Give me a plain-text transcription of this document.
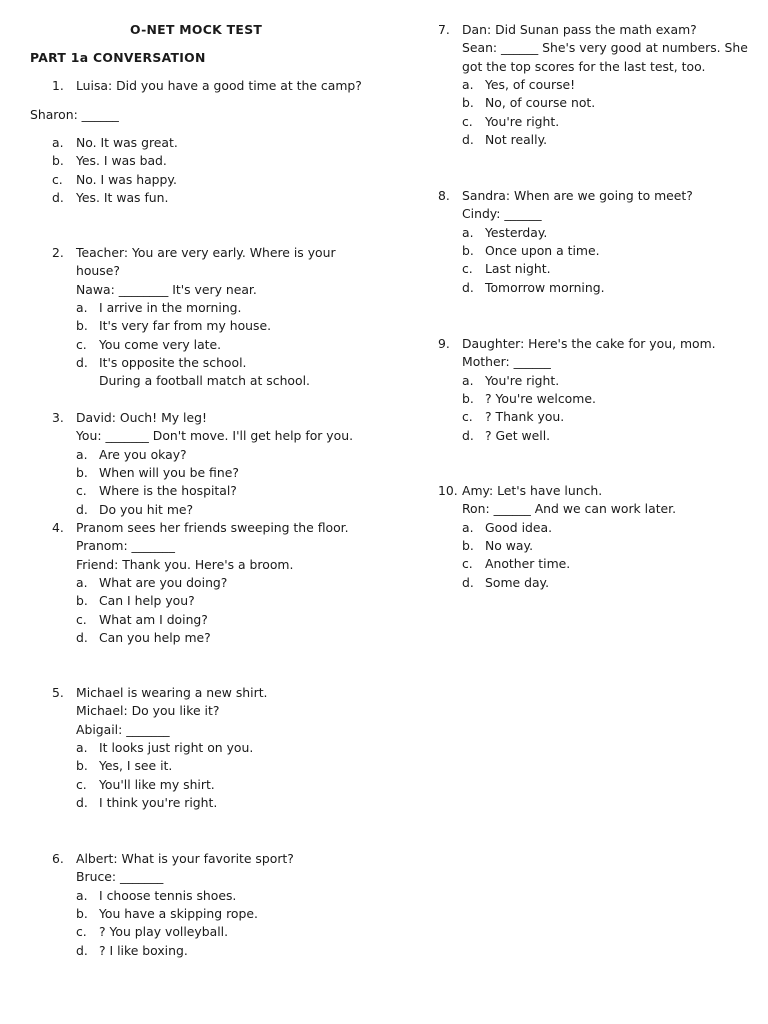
O-NET MOCK TEST
PART 1a CONVERSATION
1. Luisa: Did you have a good time at the camp?
Sharon: ______
a. No. It was great.
b. Yes. I was bad.
c. No. I was happy.
d. Yes. It was fun.
2. Teacher: You are very early. Where is your
house?
Nawa: ________ It's very near.
a. I arrive in the morning.
b. It's very far from my house.
c. You come very late.
d. It's opposite the school.
During a football match at school.
3. David: Ouch! My leg!
You: _______ Don't move. I'll get help for you.
a. Are you okay?
b. When will you be fine?
c. Where is the hospital?
d. Do you hit me?
4. Pranom sees her friends sweeping the floor.
Pranom: _______
Friend: Thank you. Here's a broom.
a. What are you doing?
b. Can I help you?
c. What am I doing?
d. Can you help me?
5. Michael is wearing a new shirt.
Michael: Do you like it?
Abigail: _______
a. It looks just right on you.
b. Yes, I see it.
c. You'll like my shirt.
d. I think you're right.
6. Albert: What is your favorite sport?
Bruce: _______
a. I choose tennis shoes.
b. You have a skipping rope.
c. ? You play volleyball.
d. ? I like boxing.
7. Dan: Did Sunan pass the math exam?
Sean: ______ She's very good at numbers. She
got the top scores for the last test, too.
a. Yes, of course!
b. No, of course not.
c. You're right.
d. Not really.
8. Sandra: When are we going to meet?
Cindy: ______
a. Yesterday.
b. Once upon a time.
c. Last night.
d. Tomorrow morning.
9. Daughter: Here's the cake for you, mom.
Mother: ______
a. You're right.
b. ? You're welcome.
c. ? Thank you.
d. ? Get well.
10. Amy: Let's have lunch.
Ron: ______ And we can work later.
a. Good idea.
b. No way.
c. Another time.
d. Some day.
